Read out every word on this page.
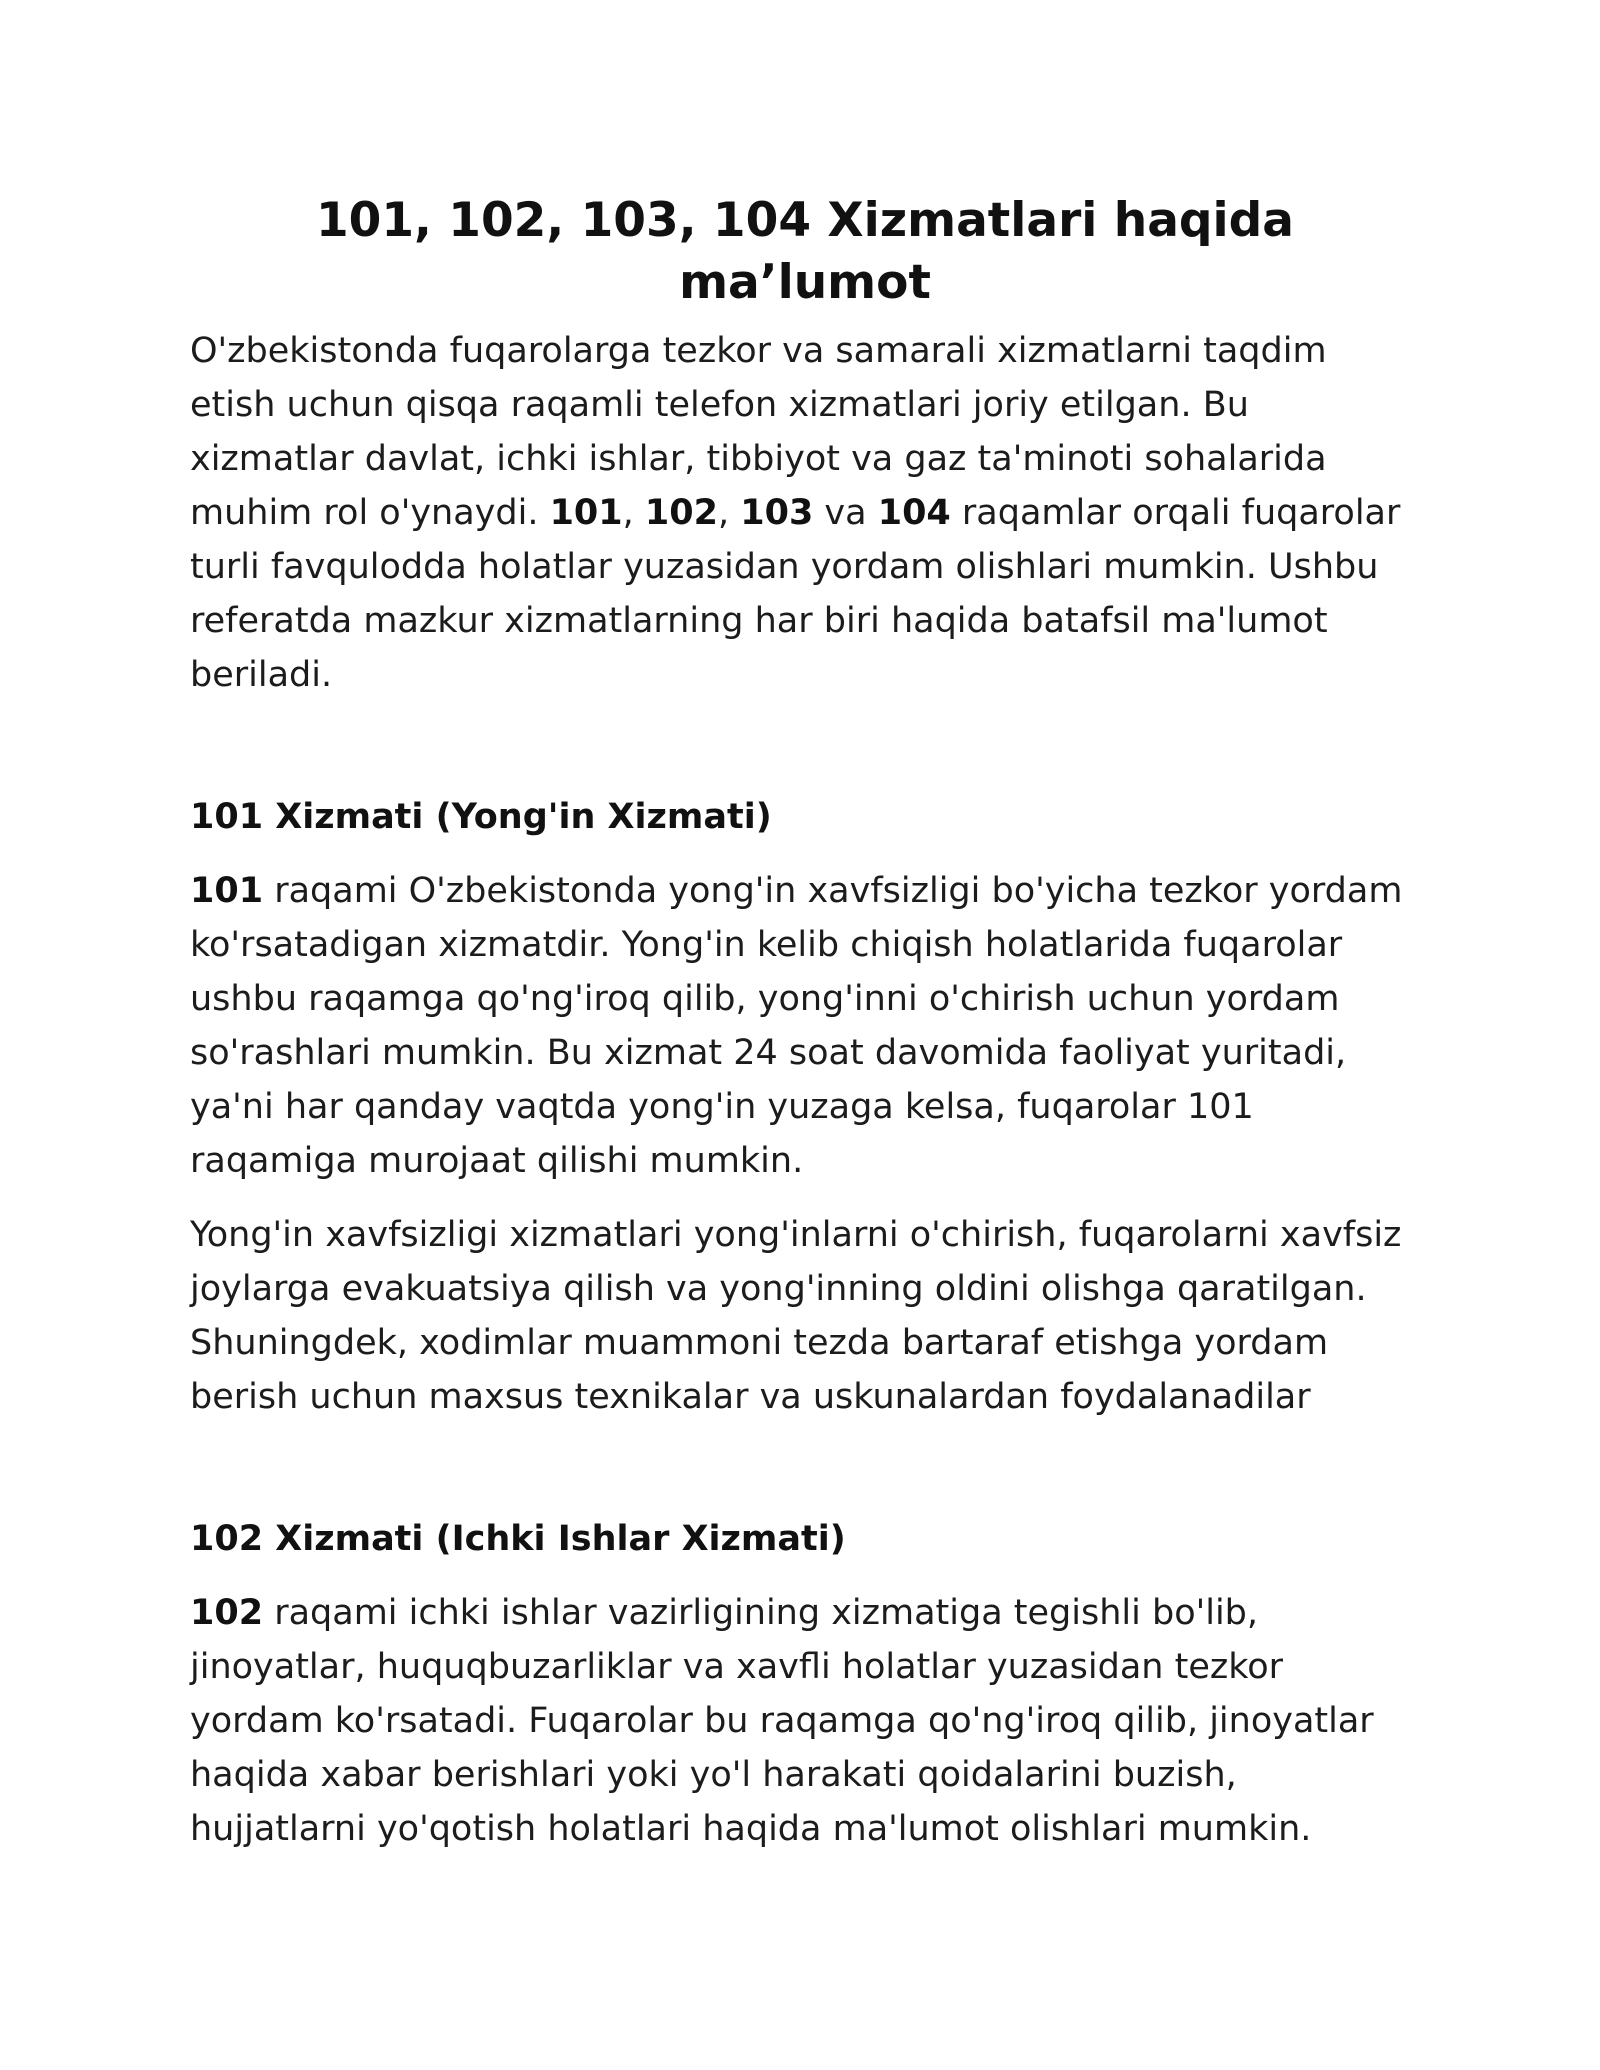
101, 102, 103, 104 Xizmatlari haqida ma’lumot

O'zbekistonda fuqarolarga tezkor va samarali xizmatlarni taqdim etish uchun qisqa raqamli telefon xizmatlari joriy etilgan. Bu xizmatlar davlat, ichki ishlar, tibbiyot va gaz ta'minoti sohalarida muhim rol o'ynaydi. 101, 102, 103 va 104 raqamlar orqali fuqarolar turli favqulodda holatlar yuzasidan yordam olishlari mumkin. Ushbu referatda mazkur xizmatlarning har biri haqida batafsil ma'lumot beriladi.

101 Xizmati (Yong'in Xizmati)

101 raqami O'zbekistonda yong'in xavfsizligi bo'yicha tezkor yordam ko'rsatadigan xizmatdir. Yong'in kelib chiqish holatlarida fuqarolar ushbu raqamga qo'ng'iroq qilib, yong'inni o'chirish uchun yordam so'rashlari mumkin. Bu xizmat 24 soat davomida faoliyat yuritadi, ya'ni har qanday vaqtda yong'in yuzaga kelsa, fuqarolar 101 raqamiga murojaat qilishi mumkin.

Yong'in xavfsizligi xizmatlari yong'inlarni o'chirish, fuqarolarni xavfsiz joylarga evakuatsiya qilish va yong'inning oldini olishga qaratilgan. Shuningdek, xodimlar muammoni tezda bartaraf etishga yordam berish uchun maxsus texnikalar va uskunalardan foydalanadilar

102 Xizmati (Ichki Ishlar Xizmati)

102 raqami ichki ishlar vazirligining xizmatiga tegishli bo'lib, jinoyatlar, huquqbuzarliklar va xavfli holatlar yuzasidan tezkor yordam ko'rsatadi. Fuqarolar bu raqamga qo'ng'iroq qilib, jinoyatlar haqida xabar berishlari yoki yo'l harakati qoidalarini buzish, hujjatlarni yo'qotish holatlari haqida ma'lumot olishlari mumkin.
